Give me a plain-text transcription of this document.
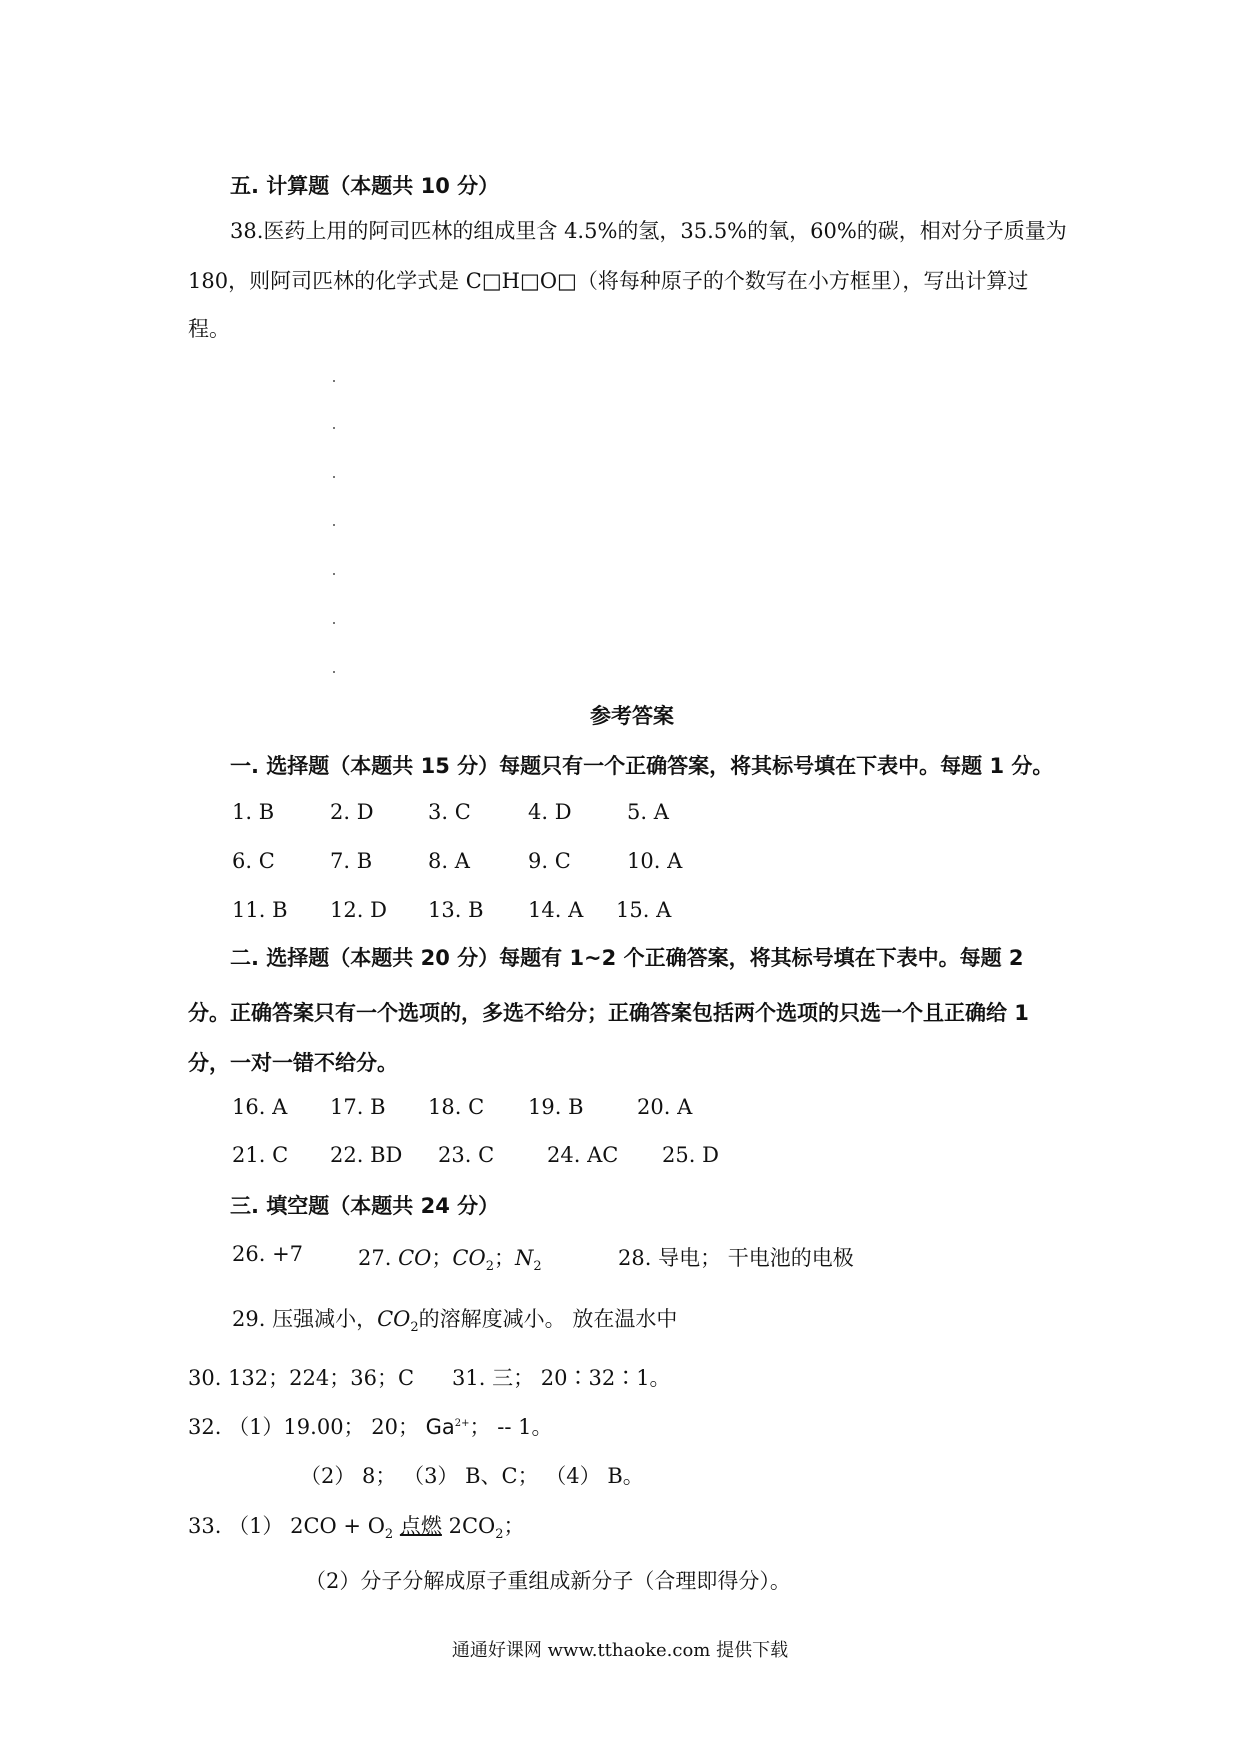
五. 计算题（本题共 10 分）
38.医药上用的阿司匹林的组成里含 4.5%的氢，35.5%的氧，60%的碳，相对分子质量为
180，则阿司匹林的化学式是 C□H□O□（将每种原子的个数写在小方框里），写出计算过
程。
参考答案
一. 选择题（本题共 15 分）每题只有一个正确答案，将其标号填在下表中。每题 1 分。
1. B	2. D	3. C	4. D	5. A
6. C	7. B	8. A	9. C	10. A
11. B 12. D 13. B 14. A 15. A
二. 选择题（本题共 20 分）每题有 1~2 个正确答案，将其标号填在下表中。每题 2
分。正确答案只有一个选项的，多选不给分；正确答案包括两个选项的只选一个且正确给 1
分，一对一错不给分。
16. A 17. B 18. C 19. B	20. A
21. C 22. BD 23. C	24. AC 25. D
三. 填空题（本题共 24 分）
26. +7	27. CO；$CO_2$；$N_2$	28. 导电； 干电池的电极
29. 压强减小，$CO_2$的溶解度减小。 放在温水中
30. 132；224；36；C 31. 三； 20∶32∶1。
32. （1）19.00； 20； $Ga^{2+}$； -- 1。
（2） 8； （3） B、C； （4） B。
33. （1） $2CO + O_2$ 点燃 $2CO_2$；
（2）分子分解成原子重组成新分子（合理即得分）。
通通好课网 www.tthaoke.com 提供下载
